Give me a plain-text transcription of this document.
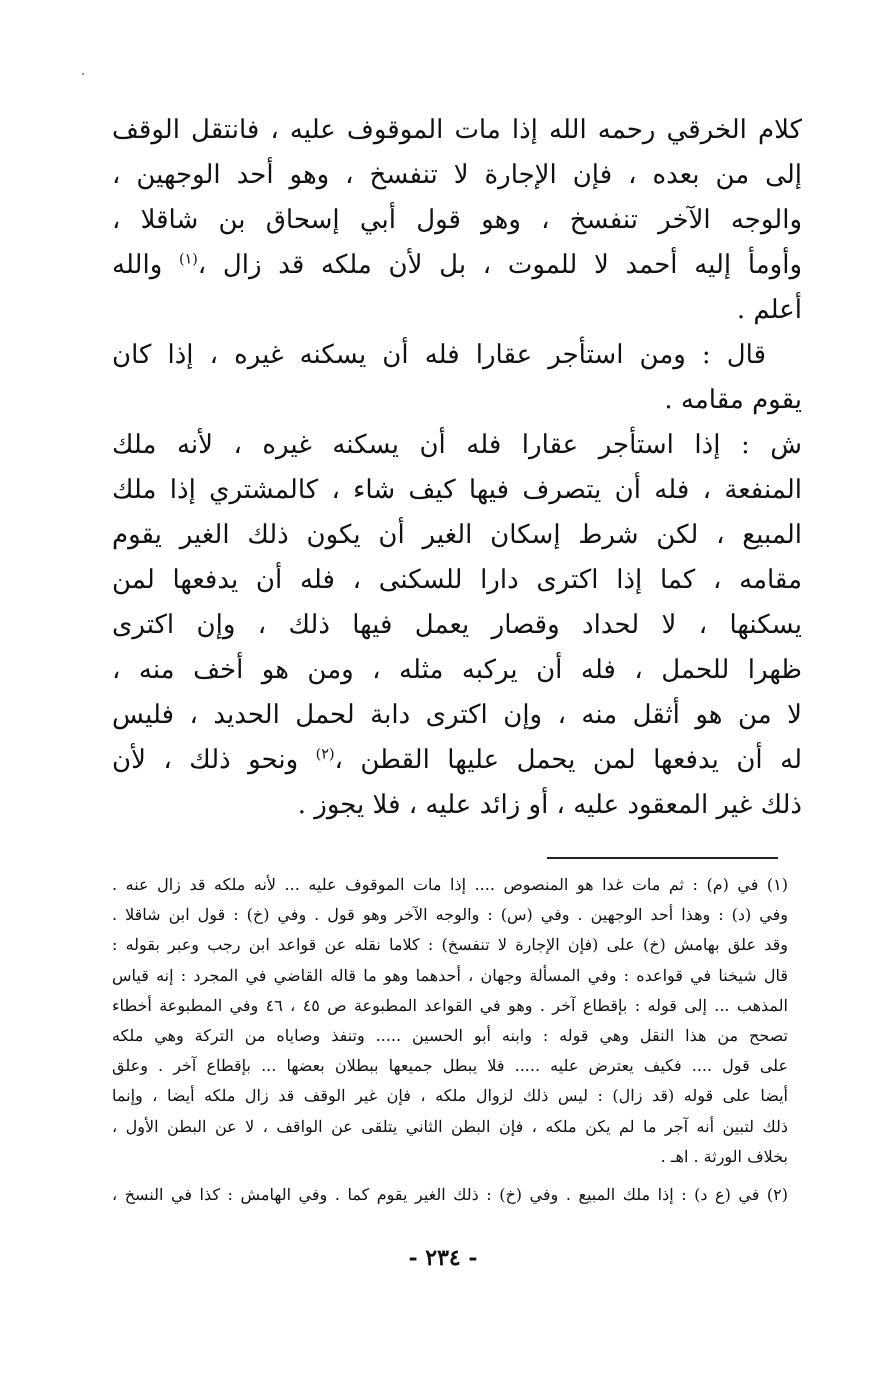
كلام الخرقي رحمه الله إذا مات الموقوف عليه ، فانتقل الوقف
إلى من بعده ، فإن الإجارة لا تنفسخ ، وهو أحد الوجهين ،
والوجه الآخر تنفسخ ، وهو قول أبي إسحاق بن شاقلا ،
وأومأ إليه أحمد لا للموت ، بل لأن ملكه قد زال ،$^{(١)}$ والله
أعلم .
قال : ومن استأجر عقارا فله أن يسكنه غيره ، إذا كان
يقوم مقامه .
ش : إذا استأجر عقارا فله أن يسكنه غيره ، لأنه ملك
المنفعة ، فله أن يتصرف فيها كيف شاء ، كالمشتري إذا ملك
المبيع ، لكن شرط إسكان الغير أن يكون ذلك الغير يقوم
مقامه ، كما إذا اكترى دارا للسكنى ، فله أن يدفعها لمن
يسكنها ، لا لحداد وقصار يعمل فيها ذلك ، وإن اكترى
ظهرا للحمل ، فله أن يركبه مثله ، ومن هو أخف منه ،
لا من هو أثقل منه ، وإن اكترى دابة لحمل الحديد ، فليس
له أن يدفعها لمن يحمل عليها القطن ،$^{(٢)}$ ونحو ذلك ، لأن
ذلك غير المعقود عليه ، أو زائد عليه ، فلا يجوز .
(١) في (م) : ثم مات غدا هو المنصوص .... إذا مات الموقوف عليه ... لأنه ملكه قد زال عنه .
وفي (د) : وهذا أحد الوجهين . وفي (س) : والوجه الآخر وهو قول . وفي (خ) : قول ابن شاقلا .
وقد علق بهامش (خ) على (فإن الإجارة لا تنفسخ) : كلاما نقله عن قواعد ابن رجب وعبر بقوله :
قال شيخنا في قواعده : وفي المسألة وجهان ، أحدهما وهو ما قاله القاضي في المجرد : إنه قياس
المذهب ... إلى قوله : بإقطاع آخر . وهو في القواعد المطبوعة ص ٤٥ ، ٤٦ وفي المطبوعة أخطاء
تصحح من هذا النقل وهي قوله : وابنه أبو الحسين ..... وتنفذ وصاياه من التركة وهي ملكه
على قول .... فكيف يعترض عليه ..... فلا يبطل جميعها ببطلان بعضها ... بإقطاع آخر . وعلق
أيضا على قوله (قد زال) : ليس ذلك لزوال ملكه ، فإن غير الوقف قد زال ملكه أيضا ، وإنما
ذلك لتبين أنه آجر ما لم يكن ملكه ، فإن البطن الثاني يتلقى عن الواقف ، لا عن البطن الأول ،
بخلاف الورثة . اهـ .
(٢) في (ع د) : إذا ملك المبيع . وفي (خ) : ذلك الغير يقوم كما . وفي الهامش : كذا في النسخ ،
- ٢٣٤ -
